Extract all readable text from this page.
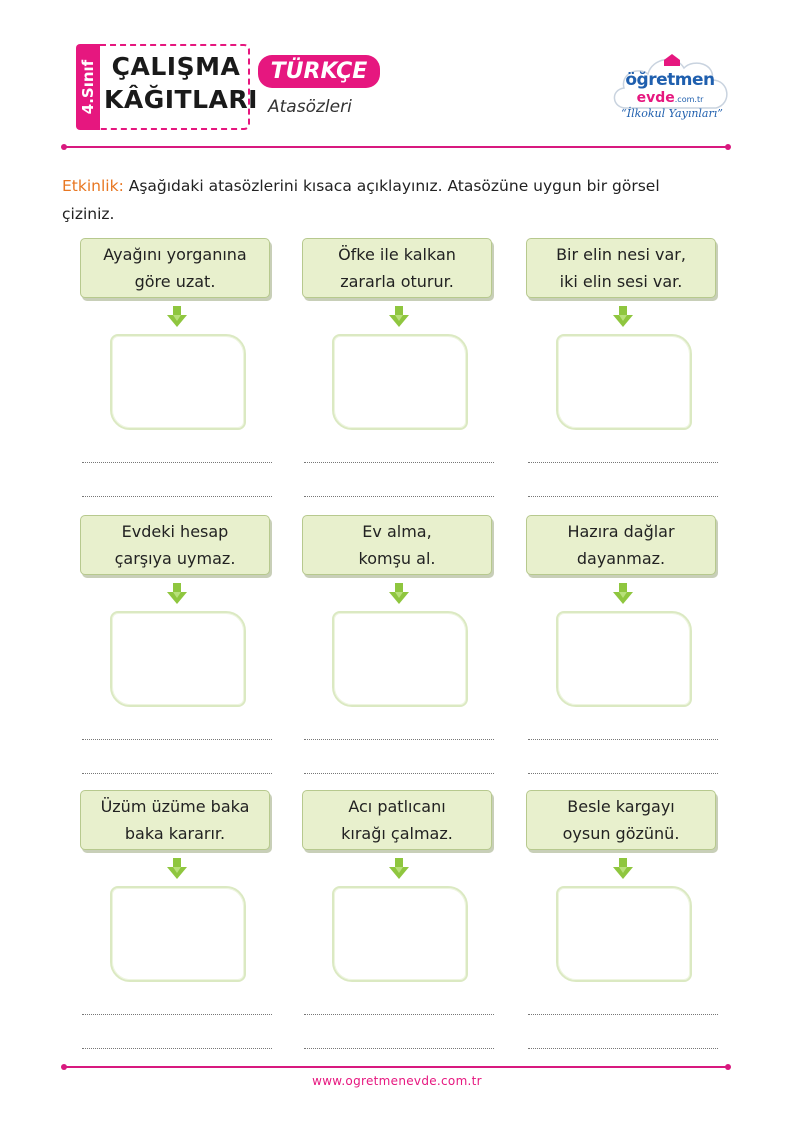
4.Sınıf ÇALIŞMA
KÂĞITLARI
TÜRKÇE
Atasözleri
öğretmen
evde.com.tr
“İlkokul Yayınları”
Etkinlik: Aşağıdaki atasözlerini kısaca açıklayınız. Atasözüne uygun bir görsel çiziniz.
Ayağını yorganına
göre uzat.
Öfke ile kalkan
zararla oturur.
Bir elin nesi var,
iki elin sesi var.
Evdeki hesap
çarşıya uymaz.
Ev alma,
komşu al.
Hazıra dağlar
dayanmaz.
Üzüm üzüme baka
baka kararır.
Acı patlıcanı
kırağı çalmaz.
Besle kargayı
oysun gözünü.
www.ogretmenevde.com.tr
